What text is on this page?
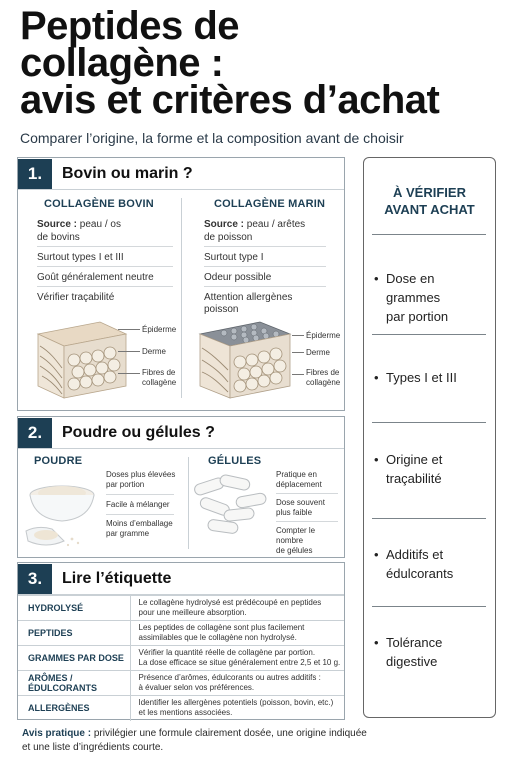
Peptides de
collagène :
avis et critères d’achat
Comparer l’origine, la forme et la composition avant de choisir
1.	Bovin ou marin ?
COLLAGÈNE BOVIN
Source : peau / os
de bovins
Surtout types I et III
Goût généralement neutre
Vérifier traçabilité
Épiderme
Derme
Fibres de
collagène
COLLAGÈNE MARIN
Source : peau / arêtes
de poisson
Surtout type I
Odeur possible
Attention allergènes
poisson
Épiderme
Derme
Fibres de
collagène
2.	Poudre ou gélules ?
POUDRE
Doses plus élevées
par portion
Facile à mélanger
Moins d’emballage
par gramme
GÉLULES
Pratique en
déplacement
Dose souvent
plus faible
Compter le nombre
de gélules
3.	Lire l’étiquette
HYDROLYSÉ	Le collagène hydrolysé est prédécoupé en peptides
pour une meilleure absorption.

PEPTIDES	Les peptides de collagène sont plus facilement
assimilables que le collagène non hydrolysé.

GRAMMES PAR DOSE	Vérifier la quantité réelle de collagène par portion.
La dose efficace se situe généralement entre 2,5 et 10 g.

ARÔMES / ÉDULCORANTS	Présence d’arômes, édulcorants ou autres additifs :
à évaluer selon vos préférences.

ALLERGÈNES	Identifier les allergènes potentiels (poisson, bovin, etc.)
et les mentions associées.
Avis pratique : privilégier une formule clairement dosée, une origine indiquée
et une liste d’ingrédients courte.
À VÉRIFIER
AVANT ACHAT
• Dose en grammes
par portion
• Types I et III
• Origine et
traçabilité
• Additifs et
édulcorants
• Tolérance
digestive
